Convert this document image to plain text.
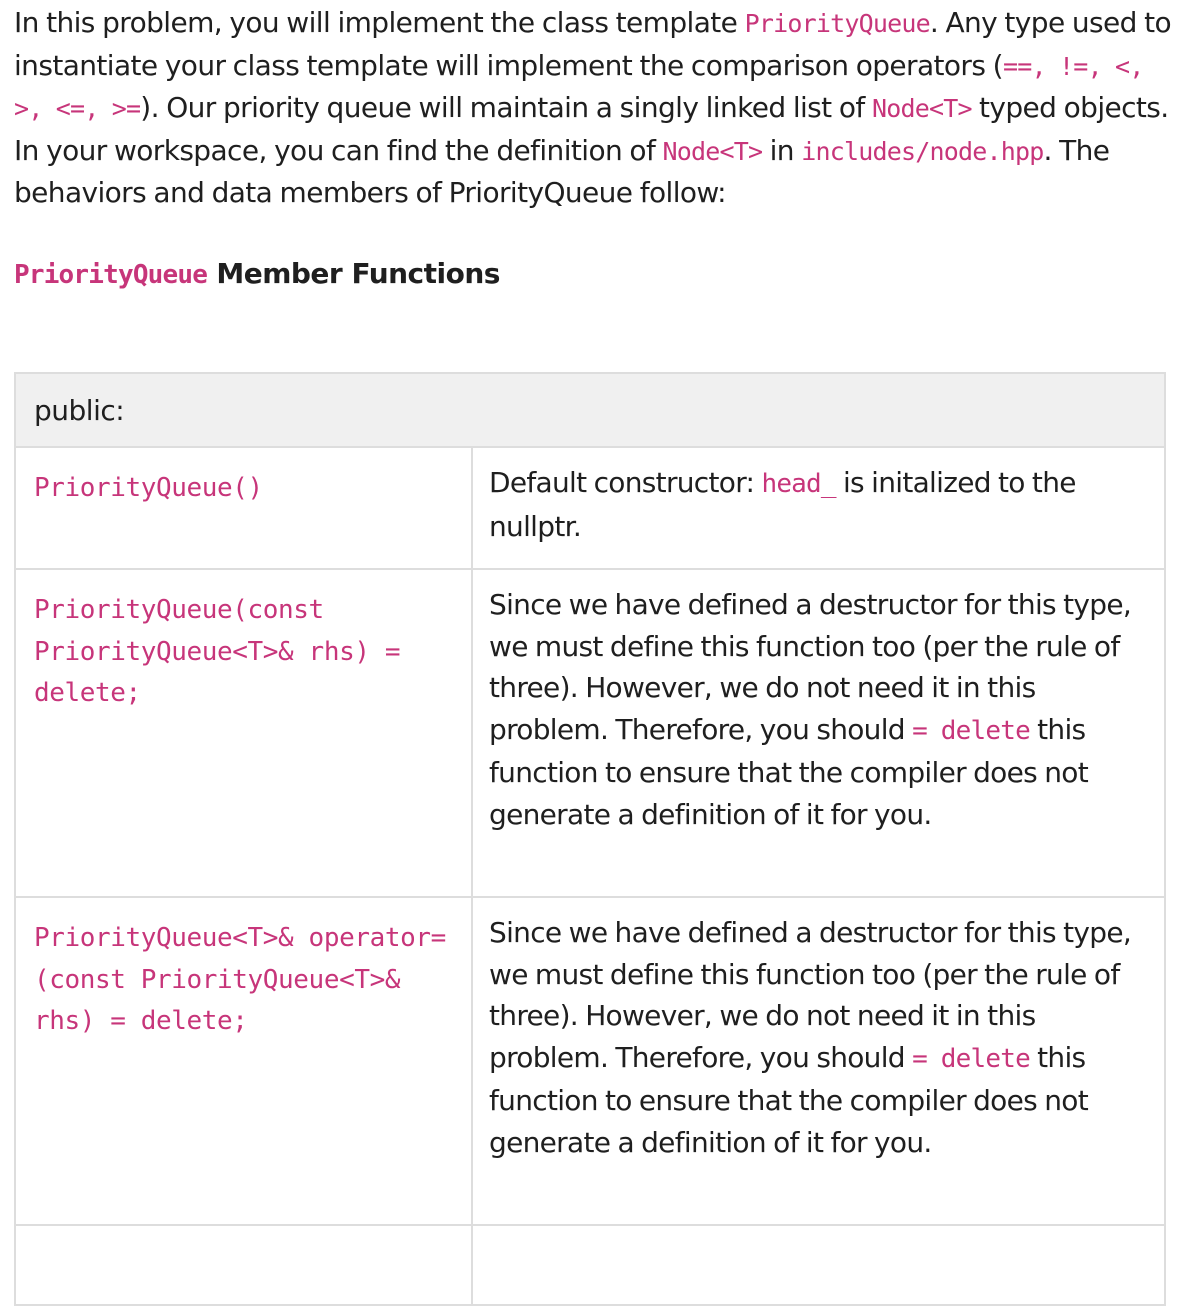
In this problem, you will implement the class template PriorityQueue. Any type used to instantiate your class template will implement the comparison operators (==, !=, <, >, <=, >=). Our priority queue will maintain a singly linked list of Node<T> typed objects. In your workspace, you can find the definition of Node<T> in includes/node.hpp. The behaviors and data members of PriorityQueue follow:

PriorityQueue Member Functions
public:	
PriorityQueue()	Default constructor: head_ is initalized to the nullptr.
PriorityQueue(const PriorityQueue<T>& rhs) = delete;	Since we have defined a destructor for this type, we must define this function too (per the rule of three). However, we do not need it in this problem. Therefore, you should = delete this function to ensure that the compiler does not generate a definition of it for you.
PriorityQueue<T>& operator=(const PriorityQueue<T>& rhs) = delete;	Since we have defined a destructor for this type, we must define this function too (per the rule of three). However, we do not need it in this problem. Therefore, you should = delete this function to ensure that the compiler does not generate a definition of it for you.
